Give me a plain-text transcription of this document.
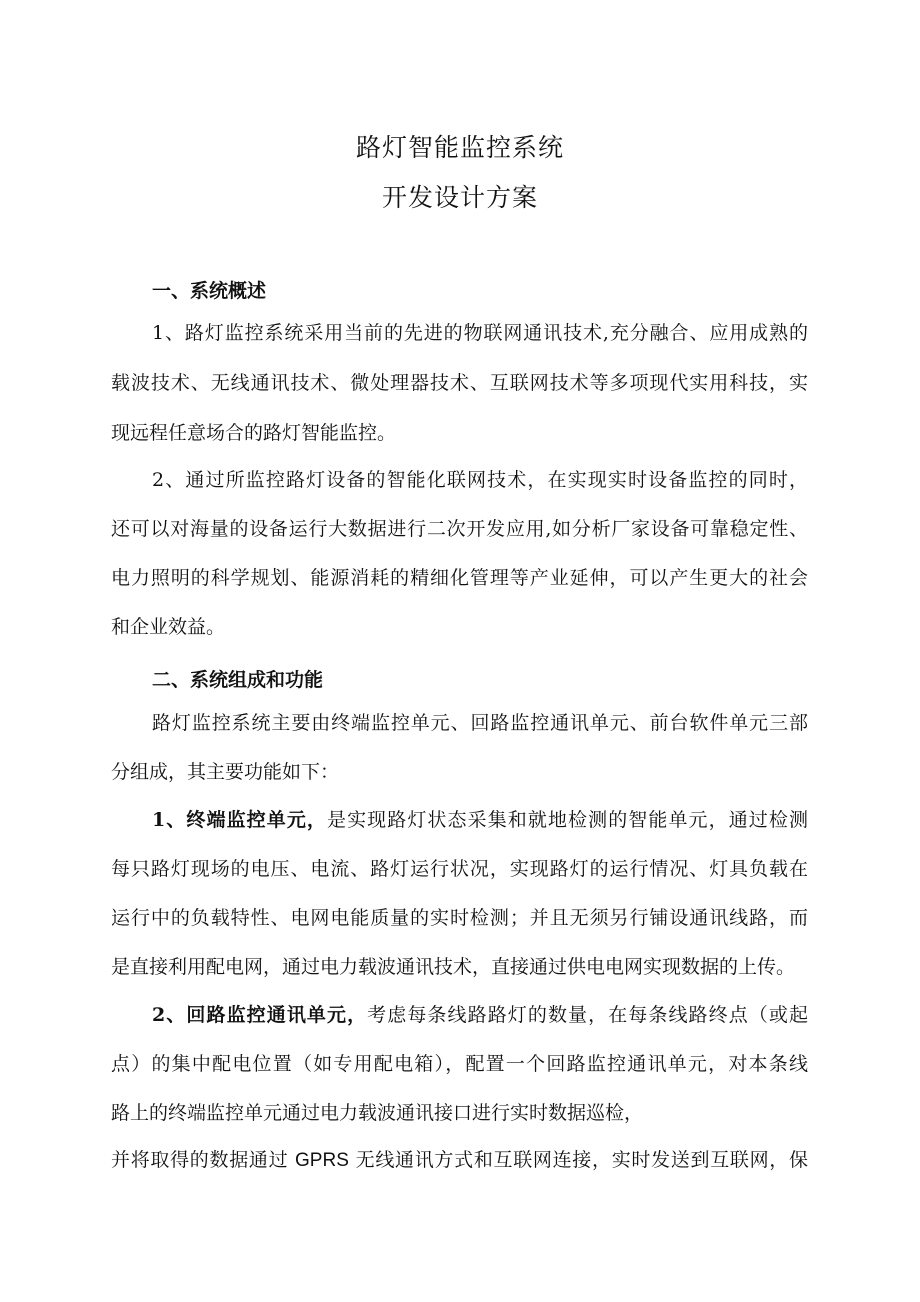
路灯智能监控系统
开发设计方案
一、系统概述
1、路灯监控系统采用当前的先进的物联网通讯技术,充分融合、应用成熟的
载波技术、无线通讯技术、微处理器技术、互联网技术等多项现代实用科技，实
现远程任意场合的路灯智能监控。
2、通过所监控路灯设备的智能化联网技术，在实现实时设备监控的同时，
还可以对海量的设备运行大数据进行二次开发应用,如分析厂家设备可靠稳定性、
电力照明的科学规划、能源消耗的精细化管理等产业延伸，可以产生更大的社会
和企业效益。
二、系统组成和功能
路灯监控系统主要由终端监控单元、回路监控通讯单元、前台软件单元三部
分组成，其主要功能如下：
1、终端监控单元，是实现路灯状态采集和就地检测的智能单元，通过检测
每只路灯现场的电压、电流、路灯运行状况，实现路灯的运行情况、灯具负载在
运行中的负载特性、电网电能质量的实时检测；并且无须另行铺设通讯线路，而
是直接利用配电网，通过电力载波通讯技术，直接通过供电电网实现数据的上传。
2、回路监控通讯单元，考虑每条线路路灯的数量，在每条线路终点（或起
点）的集中配电位置（如专用配电箱），配置一个回路监控通讯单元，对本条线
路上的终端监控单元通过电力载波通讯接口进行实时数据巡检，
并将取得的数据通过 GPRS 无线通讯方式和互联网连接，实时发送到互联网，保
